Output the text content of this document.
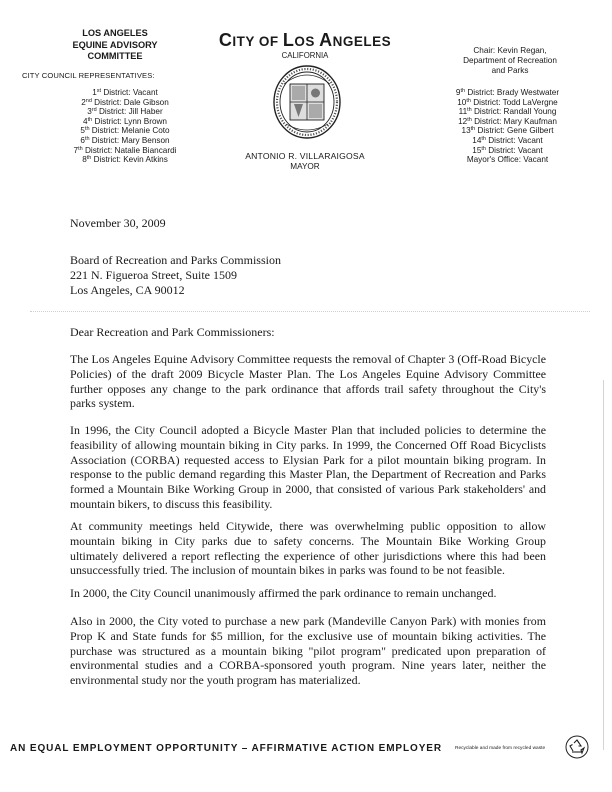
LOS ANGELES
EQUINE ADVISORY
COMMITTEE
CITY COUNCIL REPRESENTATIVES:
1st District: Vacant
2nd District: Dale Gibson
3rd District: Jill Haber
4th District: Lynn Brown
5th District: Melanie Coto
6th District: Mary Benson
7th District: Natalie Biancardi
8th District: Kevin Atkins
CITY OF LOS ANGELES
CALIFORNIA
ANTONIO R. VILLARAIGOSA
MAYOR
Chair: Kevin Regan,
Department of Recreation
and Parks
9th District: Brady Westwater
10th District: Todd LaVergne
11th District: Randall Young
12th District: Mary Kaufman
13th District: Gene Gilbert
14th District: Vacant
15th District: Vacant
Mayor's Office: Vacant
November 30, 2009
Board of Recreation and Parks Commission
221 N. Figueroa Street, Suite 1509
Los Angeles, CA 90012
Dear Recreation and Park Commissioners:
The Los Angeles Equine Advisory Committee requests the removal of Chapter 3 (Off-Road Bicycle Policies) of the draft 2009 Bicycle Master Plan. The Los Angeles Equine Advisory Committee further opposes any change to the park ordinance that affords trail safety throughout the City's parks system.
In 1996, the City Council adopted a Bicycle Master Plan that included policies to determine the feasibility of allowing mountain biking in City parks. In 1999, the Concerned Off Road Bicyclists Association (CORBA) requested access to Elysian Park for a pilot mountain biking program. In response to the public demand regarding this Master Plan, the Department of Recreation and Parks formed a Mountain Bike Working Group in 2000, that consisted of various Park stakeholders' and mountain bikers, to discuss this feasibility.
At community meetings held Citywide, there was overwhelming public opposition to allow mountain biking in City parks due to safety concerns. The Mountain Bike Working Group ultimately delivered a report reflecting the experience of other jurisdictions where this had been unsuccessfully tried. The inclusion of mountain bikes in parks was found to be not feasible.
In 2000, the City Council unanimously affirmed the park ordinance to remain unchanged.
Also in 2000, the City voted to purchase a new park (Mandeville Canyon Park) with monies from Prop K and State funds for $5 million, for the exclusive use of mountain biking activities. The purchase was structured as a mountain biking "pilot program" predicated upon preparation of environmental studies and a CORBA-sponsored youth program. Nine years later, neither the environmental study nor the youth program has materialized.
AN EQUAL EMPLOYMENT OPPORTUNITY – AFFIRMATIVE ACTION EMPLOYER	Recyclable and made from recycled waste
